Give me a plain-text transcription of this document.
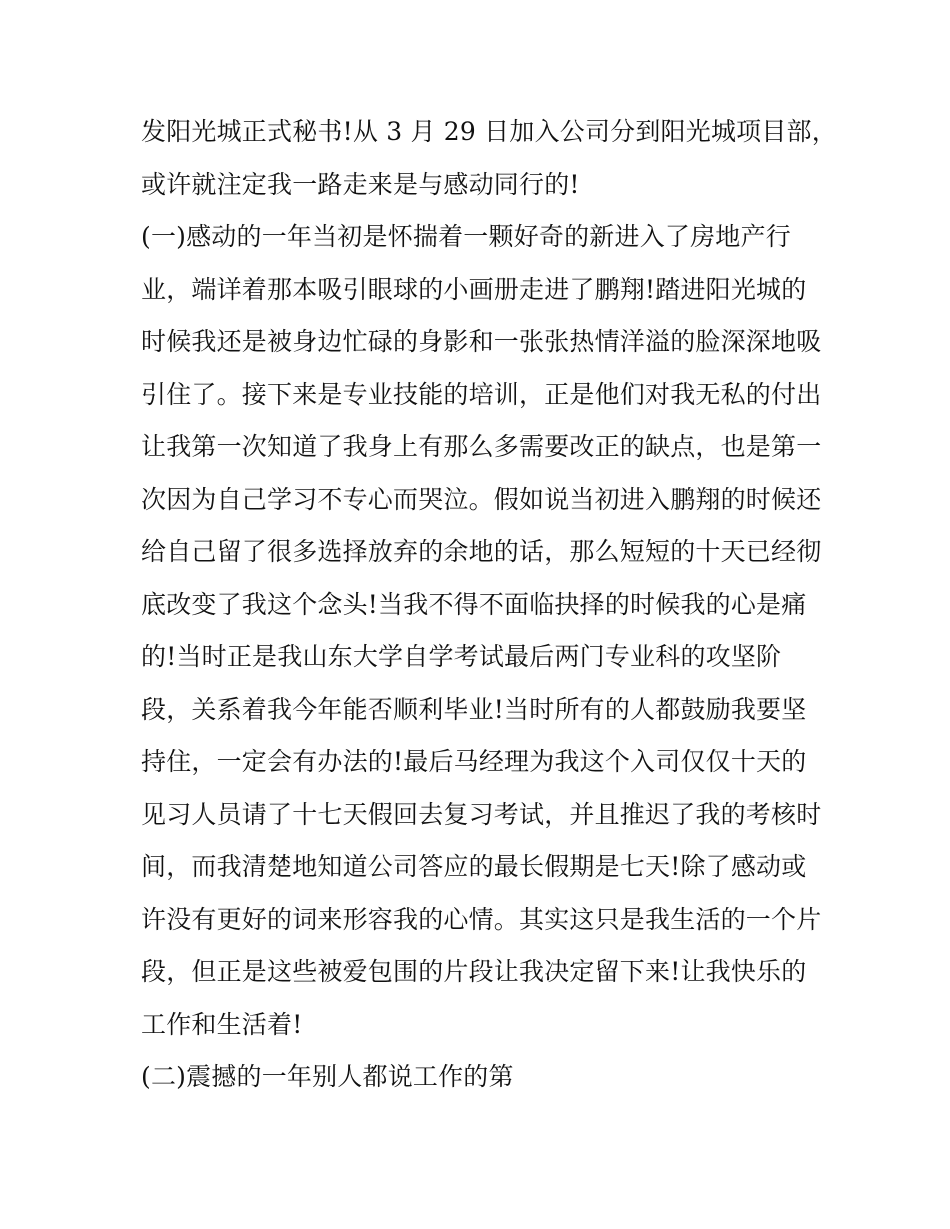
发阳光城正式秘书!从 3 月 29 日加入公司分到阳光城项目部，
或许就注定我一路走来是与感动同行的!
(一)感动的一年当初是怀揣着一颗好奇的新进入了房地产行
业，端详着那本吸引眼球的小画册走进了鹏翔!踏进阳光城的
时候我还是被身边忙碌的身影和一张张热情洋溢的脸深深地吸
引住了。接下来是专业技能的培训，正是他们对我无私的付出
让我第一次知道了我身上有那么多需要改正的缺点，也是第一
次因为自己学习不专心而哭泣。假如说当初进入鹏翔的时候还
给自己留了很多选择放弃的余地的话，那么短短的十天已经彻
底改变了我这个念头!当我不得不面临抉择的时候我的心是痛
的!当时正是我山东大学自学考试最后两门专业科的攻坚阶
段，关系着我今年能否顺利毕业!当时所有的人都鼓励我要坚
持住，一定会有办法的!最后马经理为我这个入司仅仅十天的
见习人员请了十七天假回去复习考试，并且推迟了我的考核时
间，而我清楚地知道公司答应的最长假期是七天!除了感动或
许没有更好的词来形容我的心情。其实这只是我生活的一个片
段，但正是这些被爱包围的片段让我决定留下来!让我快乐的
工作和生活着!
(二)震撼的一年别人都说工作的第
